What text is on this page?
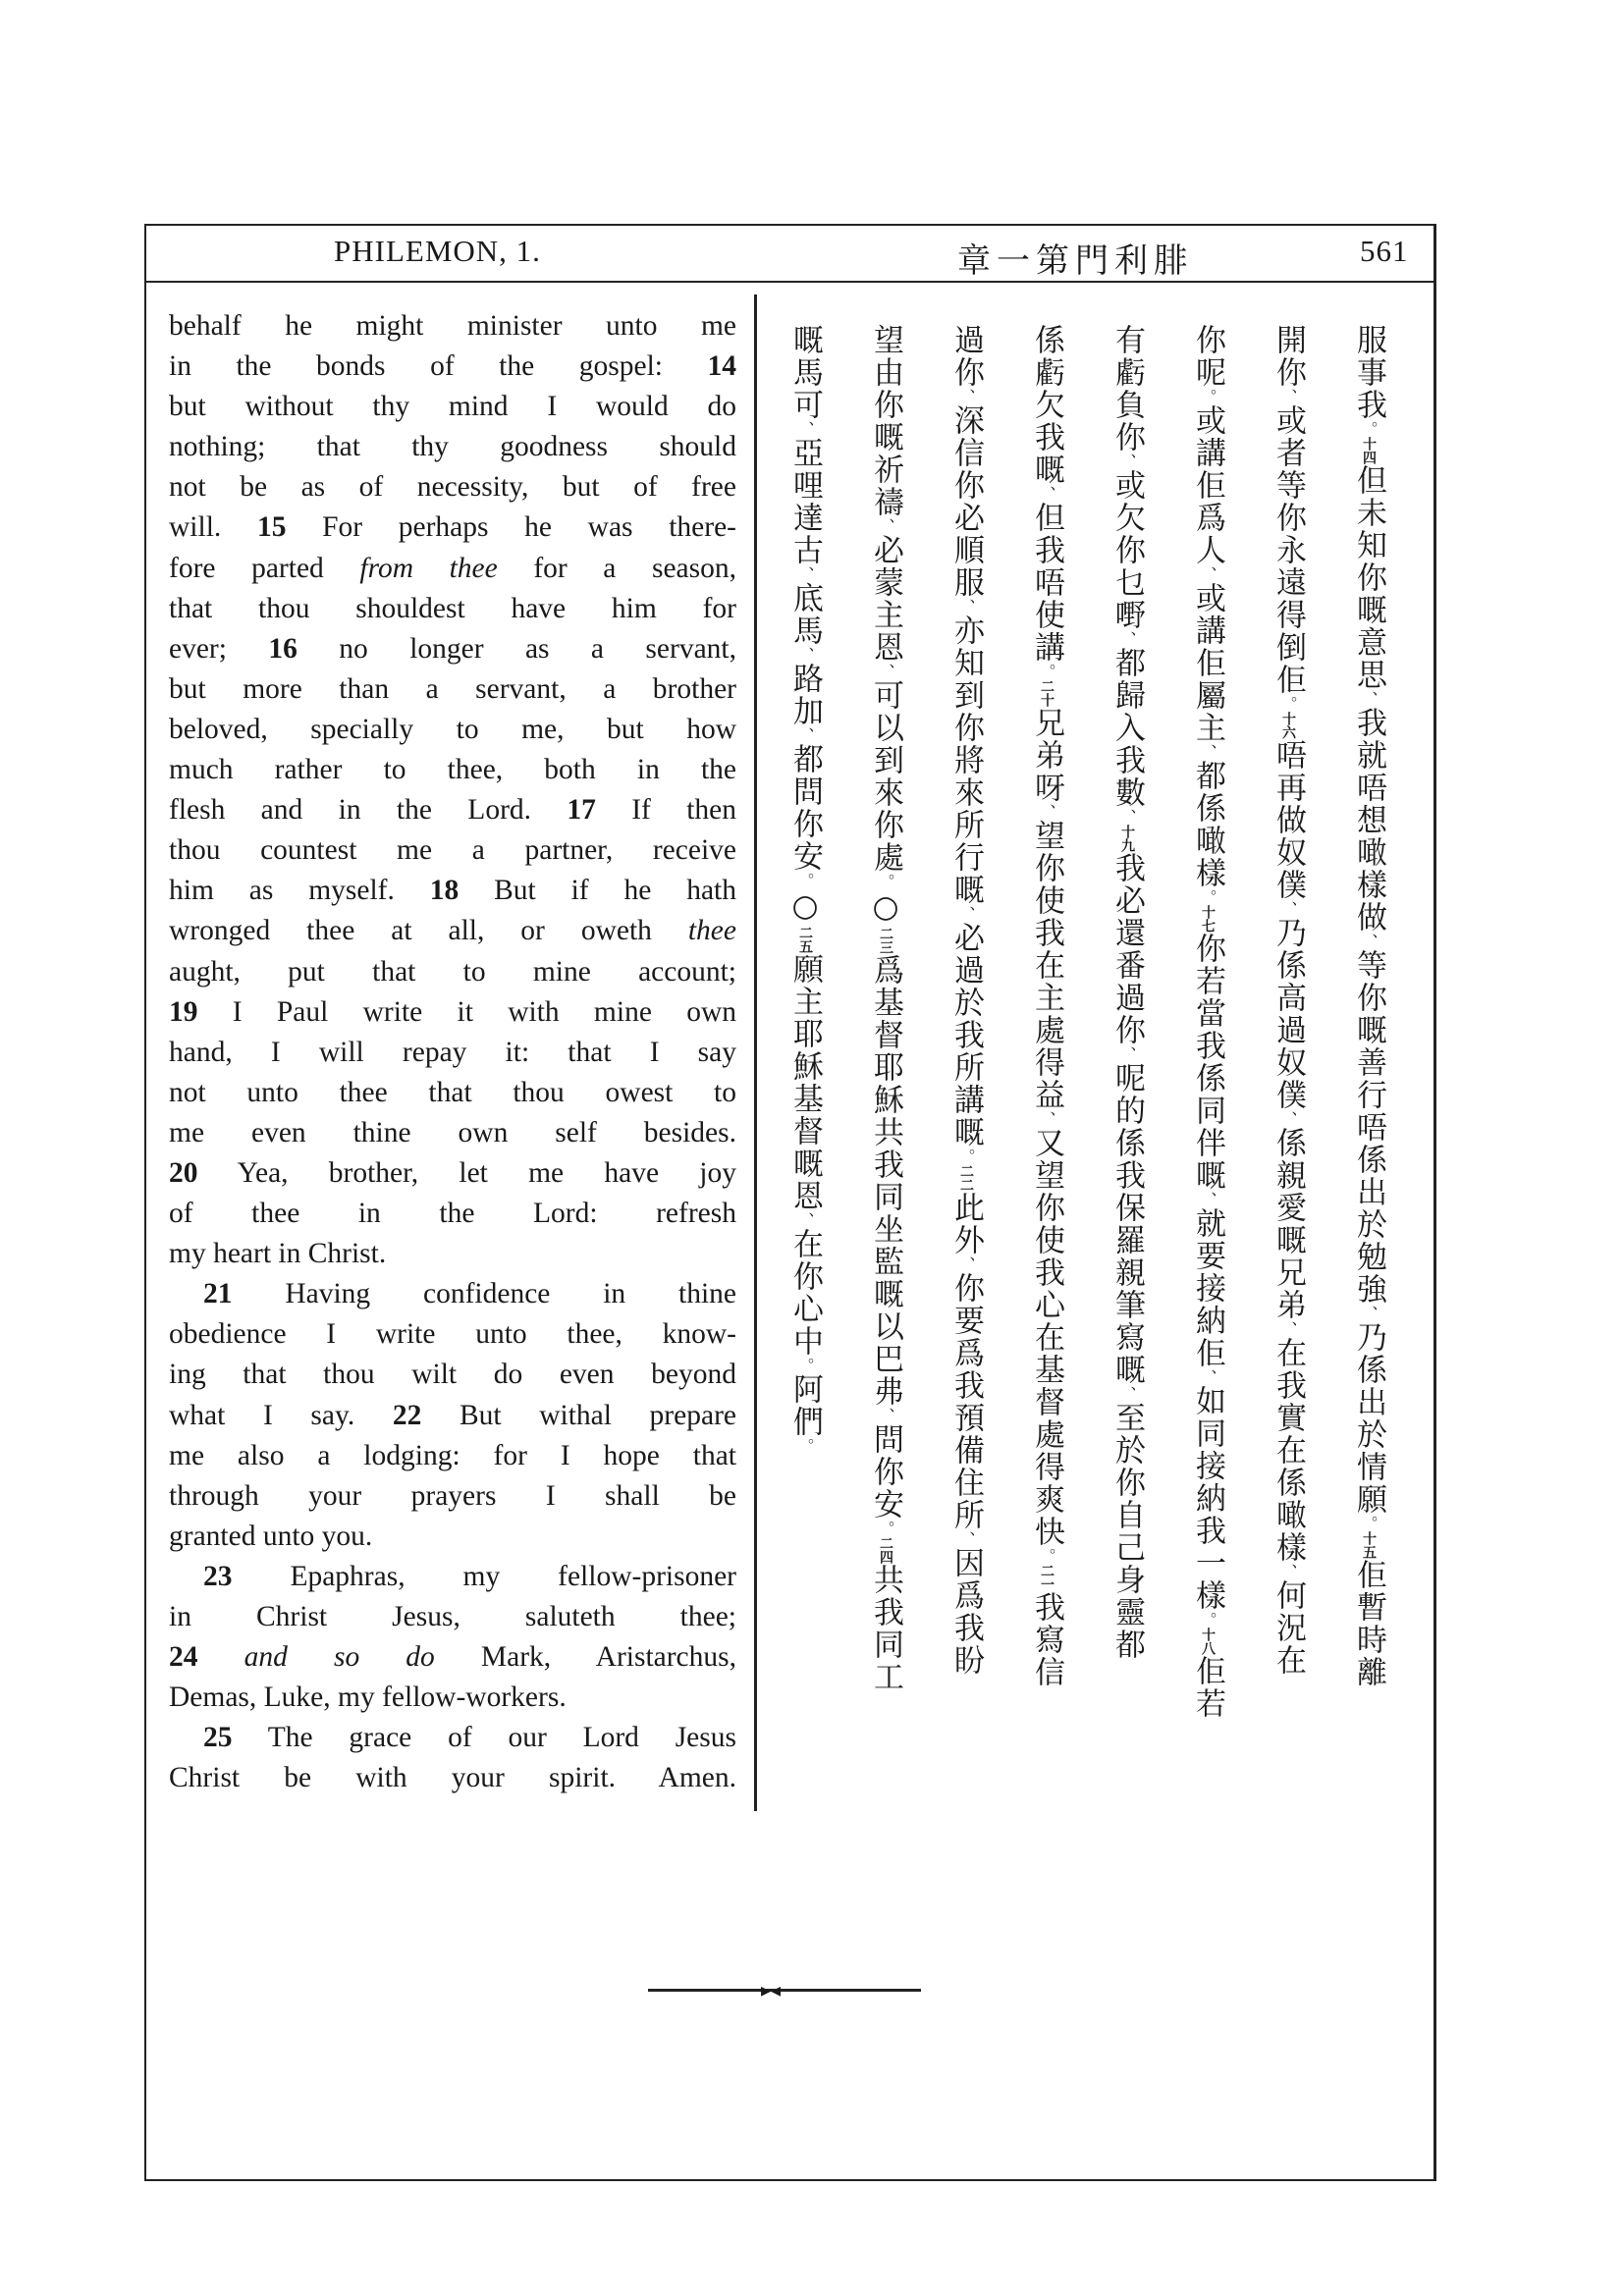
PHILEMON, 1.	章一第門利腓	561
behalf he might minister unto me
in the bonds of the gospel: 14
but without thy mind I would do
nothing; that thy goodness should
not be as of necessity, but of free
will. 15 For perhaps he was there-
fore parted from thee for a season,
that thou shouldest have him for
ever; 16 no longer as a servant,
but more than a servant, a brother
beloved, specially to me, but how
much rather to thee, both in the
flesh and in the Lord. 17 If then
thou countest me a partner, receive
him as myself. 18 But if he hath
wronged thee at all, or oweth thee
aught, put that to mine account;
19 I Paul write it with mine own
hand, I will repay it: that I say
not unto thee that thou owest to
me even thine own self besides.
20 Yea, brother, let me have joy
of thee in the Lord: refresh
my heart in Christ.
21 Having confidence in thine
obedience I write unto thee, know-
ing that thou wilt do even beyond
what I say. 22 But withal prepare
me also a lodging: for I hope that
through your prayers I shall be
granted unto you.
23 Epaphras, my fellow-prisoner
in Christ Jesus, saluteth thee;
24 and so do Mark, Aristarchus,
Demas, Luke, my fellow-workers.
25 The grace of our Lord Jesus
Christ be with your spirit. Amen.
服事我。十四但未知你嘅意思、我就唔想噉樣做、等你嘅善行唔係出於勉強、乃係出於情願。十五佢暫時離
開你、或者等你永遠得倒佢。十六唔再做奴僕、乃係高過奴僕、係親愛嘅兄弟、在我實在係噉樣、何況在
你呢。或講佢爲人、或講佢屬主、都係噉樣。十七你若當我係同伴嘅、就要接納佢、如同接納我一樣。十八佢若
有虧負你、或欠你乜嘢、都歸入我數、十九我必還番過你、呢的係我保羅親筆寫嘅、至於你自己身靈都
係虧欠我嘅、但我唔使講。二十兄弟呀、望你使我在主處得益、又望你使我心在基督處得爽快。二一我寫信
過你、深信你必順服、亦知到你將來所行嘅、必過於我所講嘅。二二此外、你要爲我預備住所、因爲我盼
望由你嘅祈禱、必蒙主恩、可以到來你處。○二三爲基督耶穌共我同坐監嘅以巴弗、問你安。二四共我同工
嘅馬可、亞哩達古、底馬、路加、都問你安。○二五願主耶穌基督嘅恩、在你心中。阿們。
▸◂
